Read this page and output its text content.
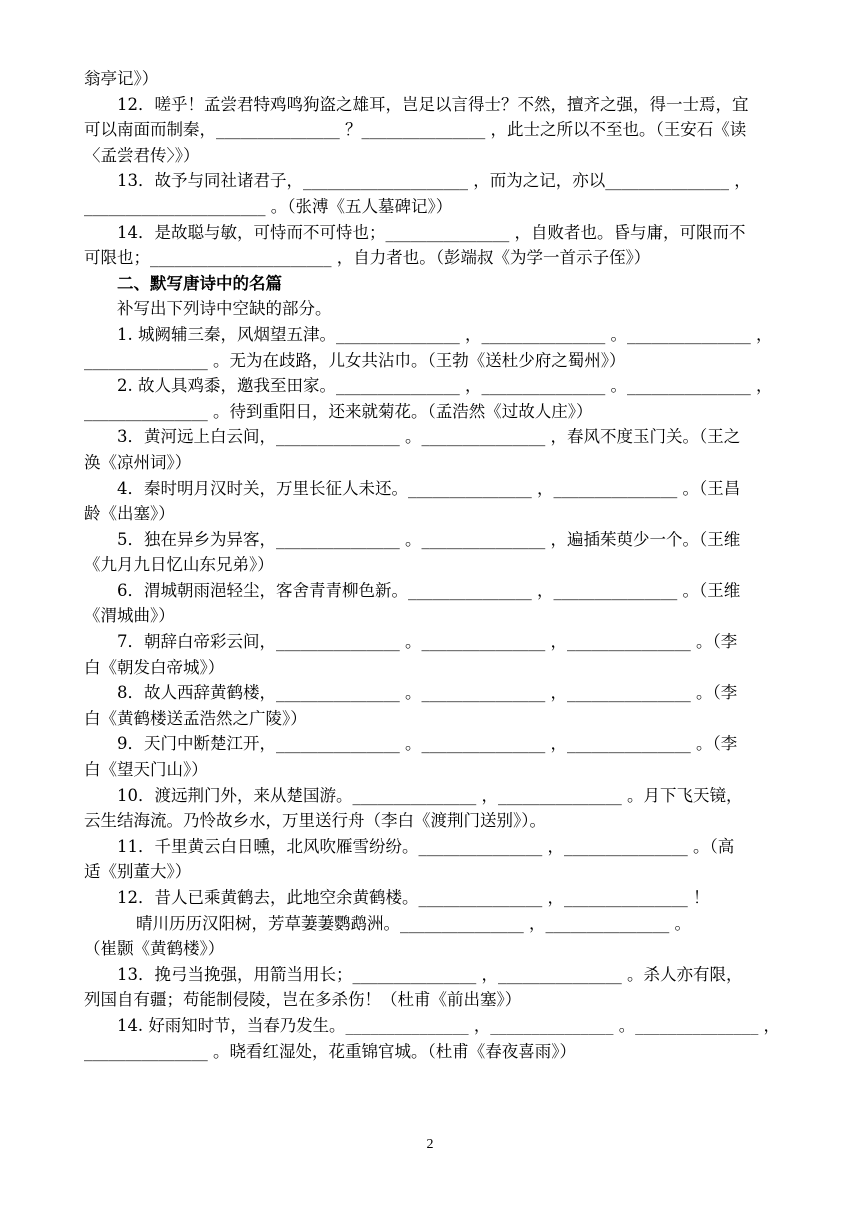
翁亭记》）
12．嗟乎！孟尝君特鸡鸣狗盗之雄耳，岂足以言得士？不然，擅齐之强，得一士焉，宜
可以南面而制秦，_______________ ？_______________ ，此士之所以不至也。（王安石《读
〈孟尝君传〉》）
13．故予与同社诸君子，____________________ ，而为之记，亦以_______________ ，
______________________ 。（张溥《五人墓碑记》）
14．是故聪与敏，可恃而不可恃也；_______________ ，自败者也。昏与庸，可限而不
可限也；______________________ ，自力者也。（彭端叔《为学一首示子侄》）
二、默写唐诗中的名篇
补写出下列诗中空缺的部分。
1. 城阙辅三秦，风烟望五津。_______________ ，_______________ 。_______________ ，
_______________ 。无为在歧路，儿女共沾巾。（王勃《送杜少府之蜀州》）
2. 故人具鸡黍，邀我至田家。_______________ ，_______________ 。_______________ ，
_______________ 。待到重阳日，还来就菊花。（孟浩然《过故人庄》）
3．黄河远上白云间，_______________ 。_______________ ，春风不度玉门关。（王之
涣《凉州词》）
4．秦时明月汉时关，万里长征人未还。_______________ ，_______________ 。（王昌
龄《出塞》）
5．独在异乡为异客，_______________ 。_______________ ，遍插茱萸少一个。（王维
《九月九日忆山东兄弟》）
6．渭城朝雨浥轻尘，客舍青青柳色新。_______________ ，_______________ 。（王维
《渭城曲》）
7．朝辞白帝彩云间，_______________ 。_______________ ，_______________ 。（李
白《朝发白帝城》）
8．故人西辞黄鹤楼，_______________ 。_______________ ，_______________ 。（李
白《黄鹤楼送孟浩然之广陵》）
9．天门中断楚江开，_______________ 。_______________ ，_______________ 。（李
白《望天门山》）
10．渡远荆门外，来从楚国游。_______________ ，_______________ 。月下飞天镜，
云生结海流。乃怜故乡水，万里送行舟（李白《渡荆门送别》）。
11．千里黄云白日曛，北风吹雁雪纷纷。_______________ ，_______________ 。（高
适《别董大》）
12．昔人已乘黄鹤去，此地空余黄鹤楼。_______________ ，_______________ ！
晴川历历汉阳树，芳草萋萋鹦鹉洲。_______________ ，_______________ 。
（崔颢《黄鹤楼》）
13．挽弓当挽强，用箭当用长；_______________ ，_______________ 。杀人亦有限，
列国自有疆；苟能制侵陵，岂在多杀伤！（杜甫《前出塞》）
14. 好雨知时节，当春乃发生。_______________ ，_______________ 。_______________ ，
_______________ 。晓看红湿处，花重锦官城。（杜甫《春夜喜雨》）
2
